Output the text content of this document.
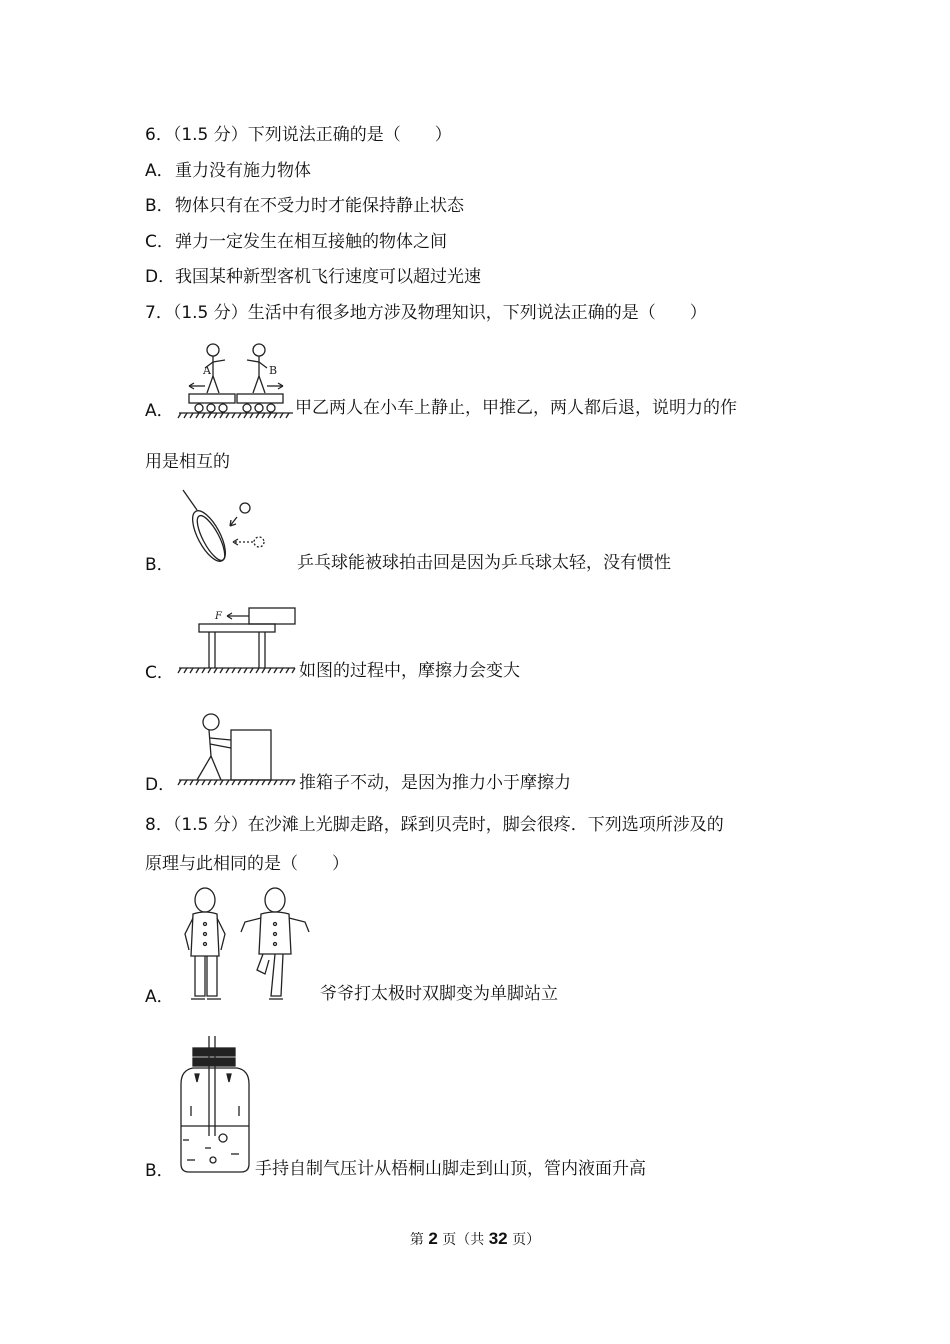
6．（1.5 分）下列说法正确的是（　　）
A．重力没有施力物体
B．物体只有在不受力时才能保持静止状态
C．弹力一定发生在相互接触的物体之间
D．我国某种新型客机飞行速度可以超过光速
7．（1.5 分）生活中有很多地方涉及物理知识，下列说法正确的是（　　）
A．
A	B
甲乙两人在小车上静止，甲推乙，两人都后退，说明力的作
用是相互的
B．	乒乓球能被球拍击回是因为乒乓球太轻，没有惯性
C．
F
如图的过程中，摩擦力会变大
D．	推箱子不动，是因为推力小于摩擦力
8．（1.5 分）在沙滩上光脚走路，踩到贝壳时，脚会很疼．下列选项所涉及的
原理与此相同的是（　　）
A．	爷爷打太极时双脚变为单脚站立
B．	手持自制气压计从梧桐山脚走到山顶，管内液面升高
第 2 页（共 32 页）
